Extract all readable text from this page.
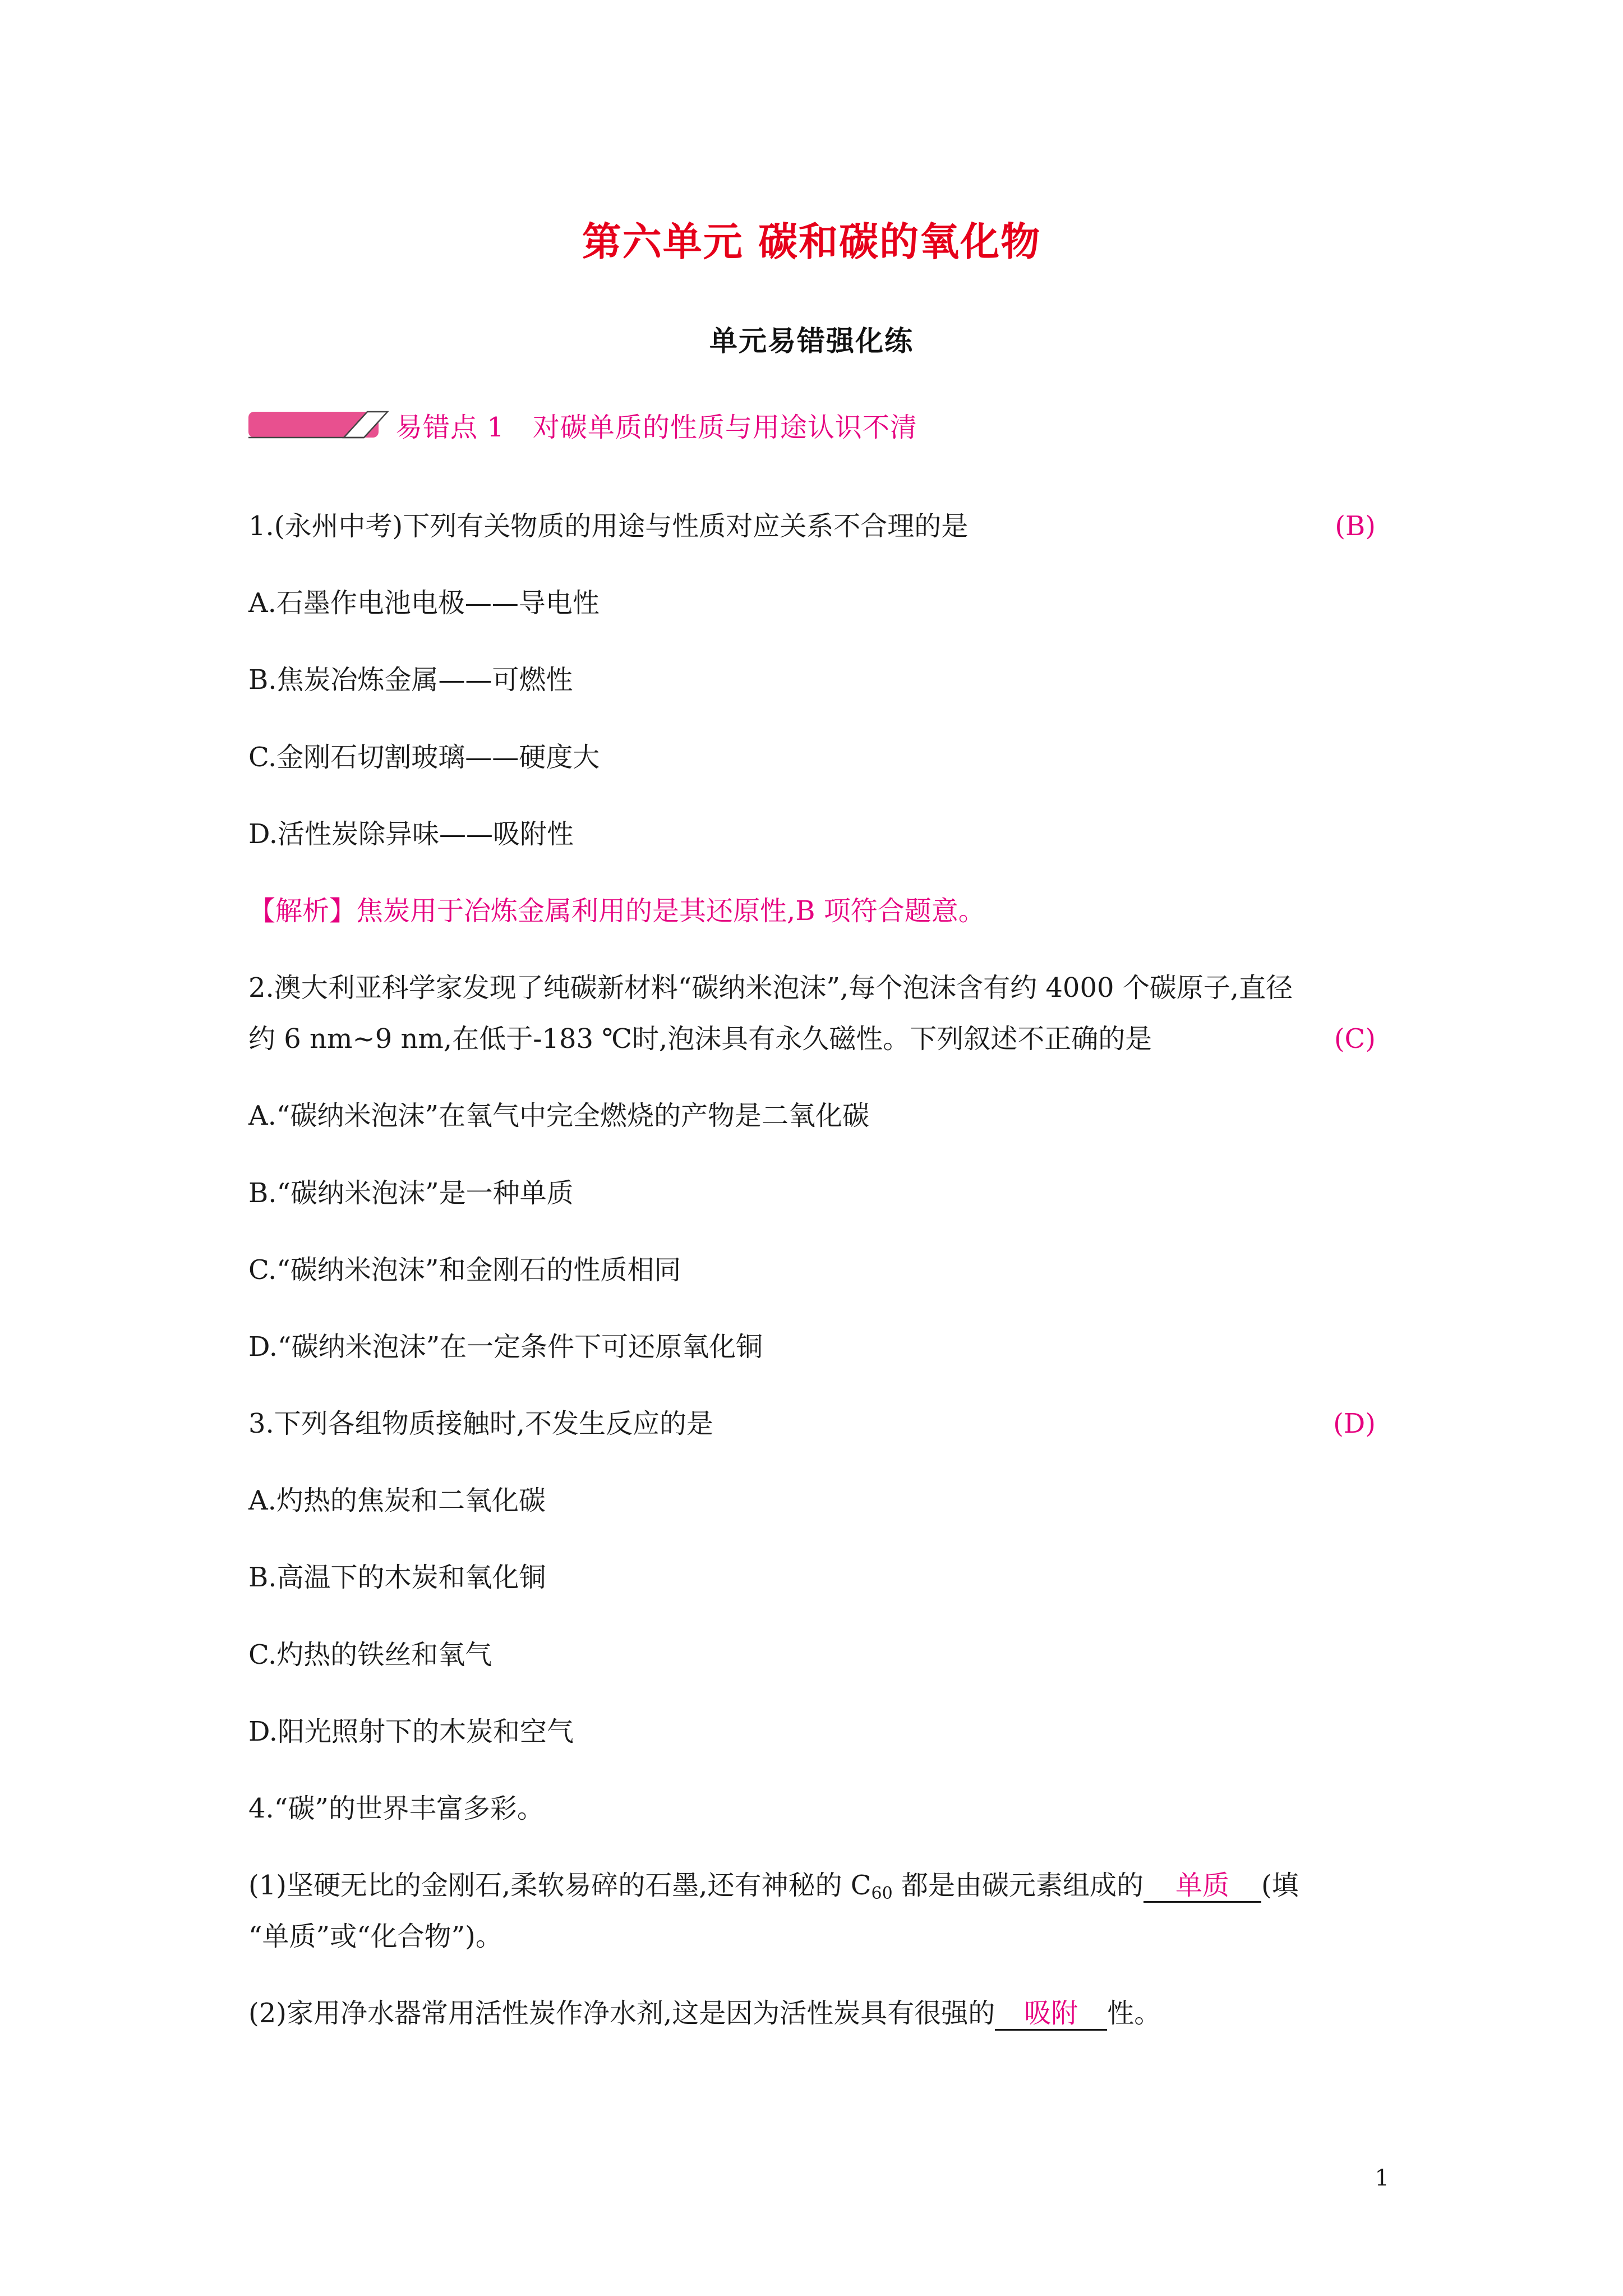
第六单元 碳和碳的氧化物
单元易错强化练
易错点 1 对碳单质的性质与用途认识不清
1.(永州中考)下列有关物质的用途与性质对应关系不合理的是	(B)
A.石墨作电池电极——导电性
B.焦炭冶炼金属——可燃性
C.金刚石切割玻璃——硬度大
D.活性炭除异味——吸附性
【解析】焦炭用于冶炼金属利用的是其还原性,B 项符合题意。
2.澳大利亚科学家发现了纯碳新材料“碳纳米泡沫”,每个泡沫含有约 4000 个碳原子,直径
约 6 nm~9 nm,在低于-183 ℃时,泡沫具有永久磁性。下列叙述不正确的是	(C)
A.“碳纳米泡沫”在氧气中完全燃烧的产物是二氧化碳
B.“碳纳米泡沫”是一种单质
C.“碳纳米泡沫”和金刚石的性质相同
D.“碳纳米泡沫”在一定条件下可还原氧化铜
3.下列各组物质接触时,不发生反应的是	(D)
A.灼热的焦炭和二氧化碳
B.高温下的木炭和氧化铜
C.灼热的铁丝和氧气
D.阳光照射下的木炭和空气
4.“碳”的世界丰富多彩。
(1)坚硬无比的金刚石,柔软易碎的石墨,还有神秘的 $C_{60}$ 都是由碳元素组成的 单质 (填
“单质”或“化合物”)。
(2)家用净水器常用活性炭作净水剂,这是因为活性炭具有很强的 吸附 性。
1
